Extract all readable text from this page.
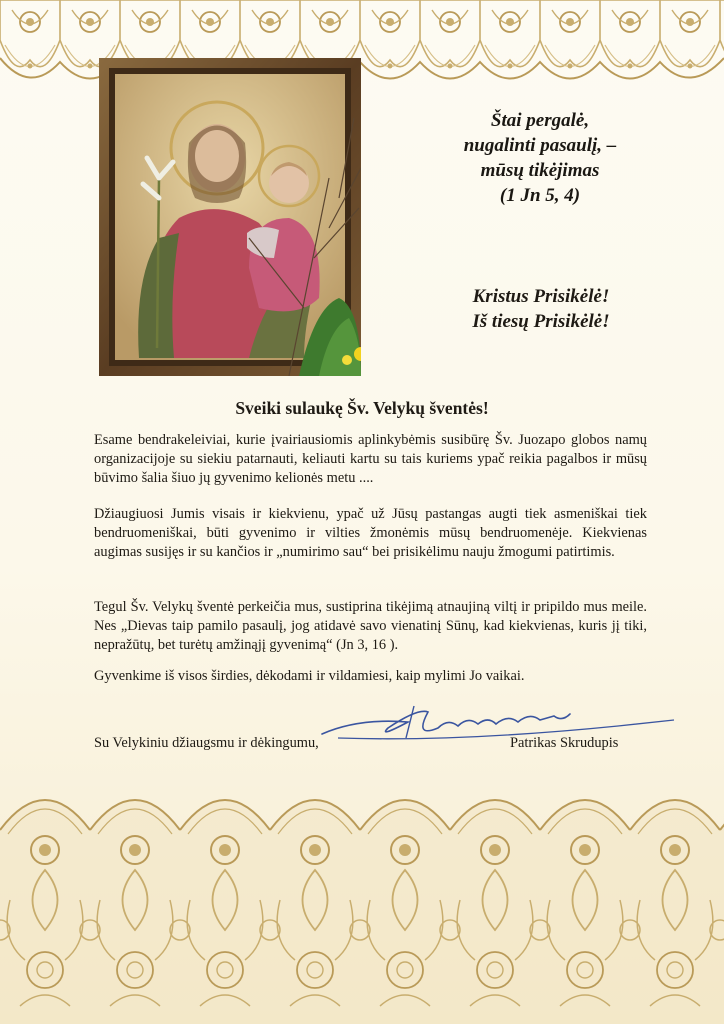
Štai pergalė,
nugalinti pasaulį, –
mūsų tikėjimas
(1 Jn 5, 4)
Kristus Prisikėlė!
Iš tiesų Prisikėlė!
Sveiki sulaukę Šv. Velykų šventės!
Esame bendrakeleiviai, kurie įvairiausiomis aplinkybėmis susibūrę Šv. Juozapo globos namų organizacijoje su siekiu patarnauti, keliauti kartu su tais kuriems ypač reikia pagalbos ir mūsų būvimo šalia šiuo jų gyvenimo kelionės metu ....
Džiaugiuosi Jumis visais ir kiekvienu, ypač už Jūsų pastangas augti tiek asmeniškai tiek bendruomeniškai, būti gyvenimo ir vilties žmonėmis mūsų bendruomenėje. Kiekvienas augimas susijęs ir su kančios ir „numirimo sau“ bei prisikėlimu nauju žmogumi patirtimis.
Tegul Šv. Velykų šventė perkeičia mus, sustiprina tikėjimą atnaujiną viltį ir pripildo mus meile. Nes „Dievas taip pamilo pasaulį, jog atidavė savo vienatinį Sūnų, kad kiekvienas, kuris jį tiki, nepražūtų, bet turėtų amžinąjį gyvenimą“ (Jn 3, 16 ).
Gyvenkime iš visos širdies, dėkodami ir vildamiesi, kaip mylimi Jo vaikai.
Su Velykiniu džiaugsmu ir dėkingumu,	Patrikas Skrudupis
